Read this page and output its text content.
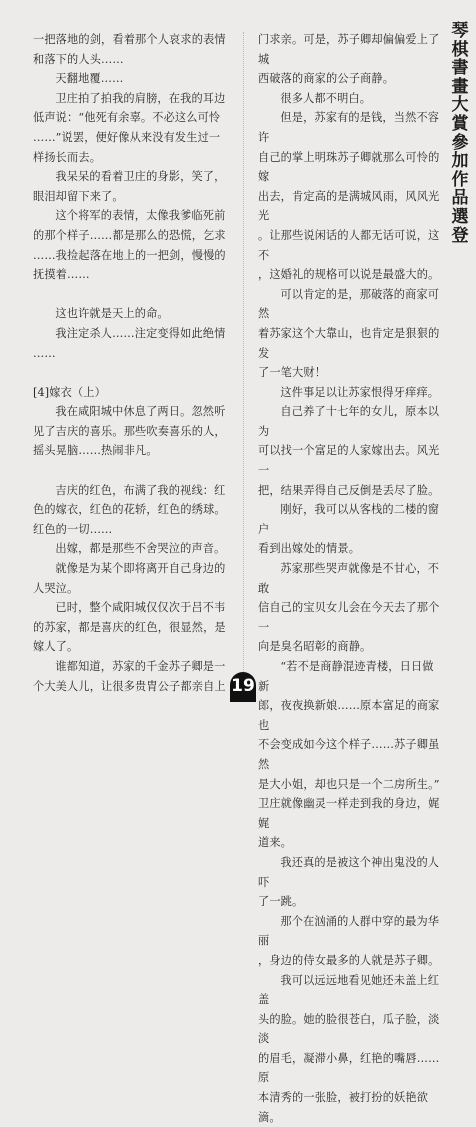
一把落地的剑，看着那个人哀求的表情

和落下的人头……

天翻地覆……

卫庄拍了拍我的肩膀，在我的耳边

低声说：“他死有余辜。不必这么可怜

……”说罢，便好像从来没有发生过一

样扬长而去。

我呆呆的看着卫庄的身影，笑了，

眼泪却留下来了。

这个将军的表情，太像我爹临死前

的那个样子……都是那么的恐慌，乞求

……我捡起落在地上的一把剑，慢慢的

抚摸着……

这也许就是天上的命。

我注定杀人……注定变得如此绝情

……

[4]嫁衣（上）

我在咸阳城中休息了两日。忽然听

见了吉庆的喜乐。那些吹奏喜乐的人，

摇头晃脑……热闹非凡。

吉庆的红色，布满了我的视线：红

色的嫁衣，红色的花轿，红色的绣球。

红色的一切……

出嫁，都是那些不舍哭泣的声音。

就像是为某个即将离开自己身边的

人哭泣。

已时，整个咸阳城仅仅次于吕不韦

的苏家，都是喜庆的红色，很显然，是

嫁人了。

谁都知道，苏家的千金苏子卿是一

个大美人儿，让很多贵胄公子都亲自上

门求亲。可是，苏子卿却偏偏爱上了城

西破落的商家的公子商静。

很多人都不明白。

但是，苏家有的是钱，当然不容许

自己的掌上明珠苏子卿就那么可怜的嫁

出去，肯定高的是满城风雨，风风光光

。让那些说闲话的人都无话可说，这不

，这婚礼的规格可以说是最盛大的。

可以肯定的是，那破落的商家可然

着苏家这个大靠山，也肯定是狠狠的发

了一笔大财！

这件事足以让苏家恨得牙痒痒。

自己养了十七年的女儿，原本以为

可以找一个富足的人家嫁出去。风光一

把，结果弄得自己反倒是丢尽了脸。

刚好，我可以从客栈的二楼的窗户

看到出嫁处的情景。

苏家那些哭声就像是不甘心，不敢

信自己的宝贝女儿会在今天去了那个一

向是臭名昭彰的商静。

“若不是商静混迹青楼，日日做新

郎，夜夜换新娘……原本富足的商家也

不会变成如今这个样子……苏子卿虽然

是大小姐，却也只是一个二房所生。”

卫庄就像幽灵一样走到我的身边，娓娓

道来。

我还真的是被这个神出鬼没的人吓

了一跳。

那个在汹涌的人群中穿的最为华丽

，身边的侍女最多的人就是苏子卿。

我可以远远地看见她还未盖上红盖

头的脸。她的脸很苍白，瓜子脸，淡淡

的眉毛，凝滞小鼻，红艳的嘴唇……原

本清秀的一张脸，被打扮的妖艳欲滴。

琴
棋
書
畫
大
賞
參
加
作
品
選
登
19
